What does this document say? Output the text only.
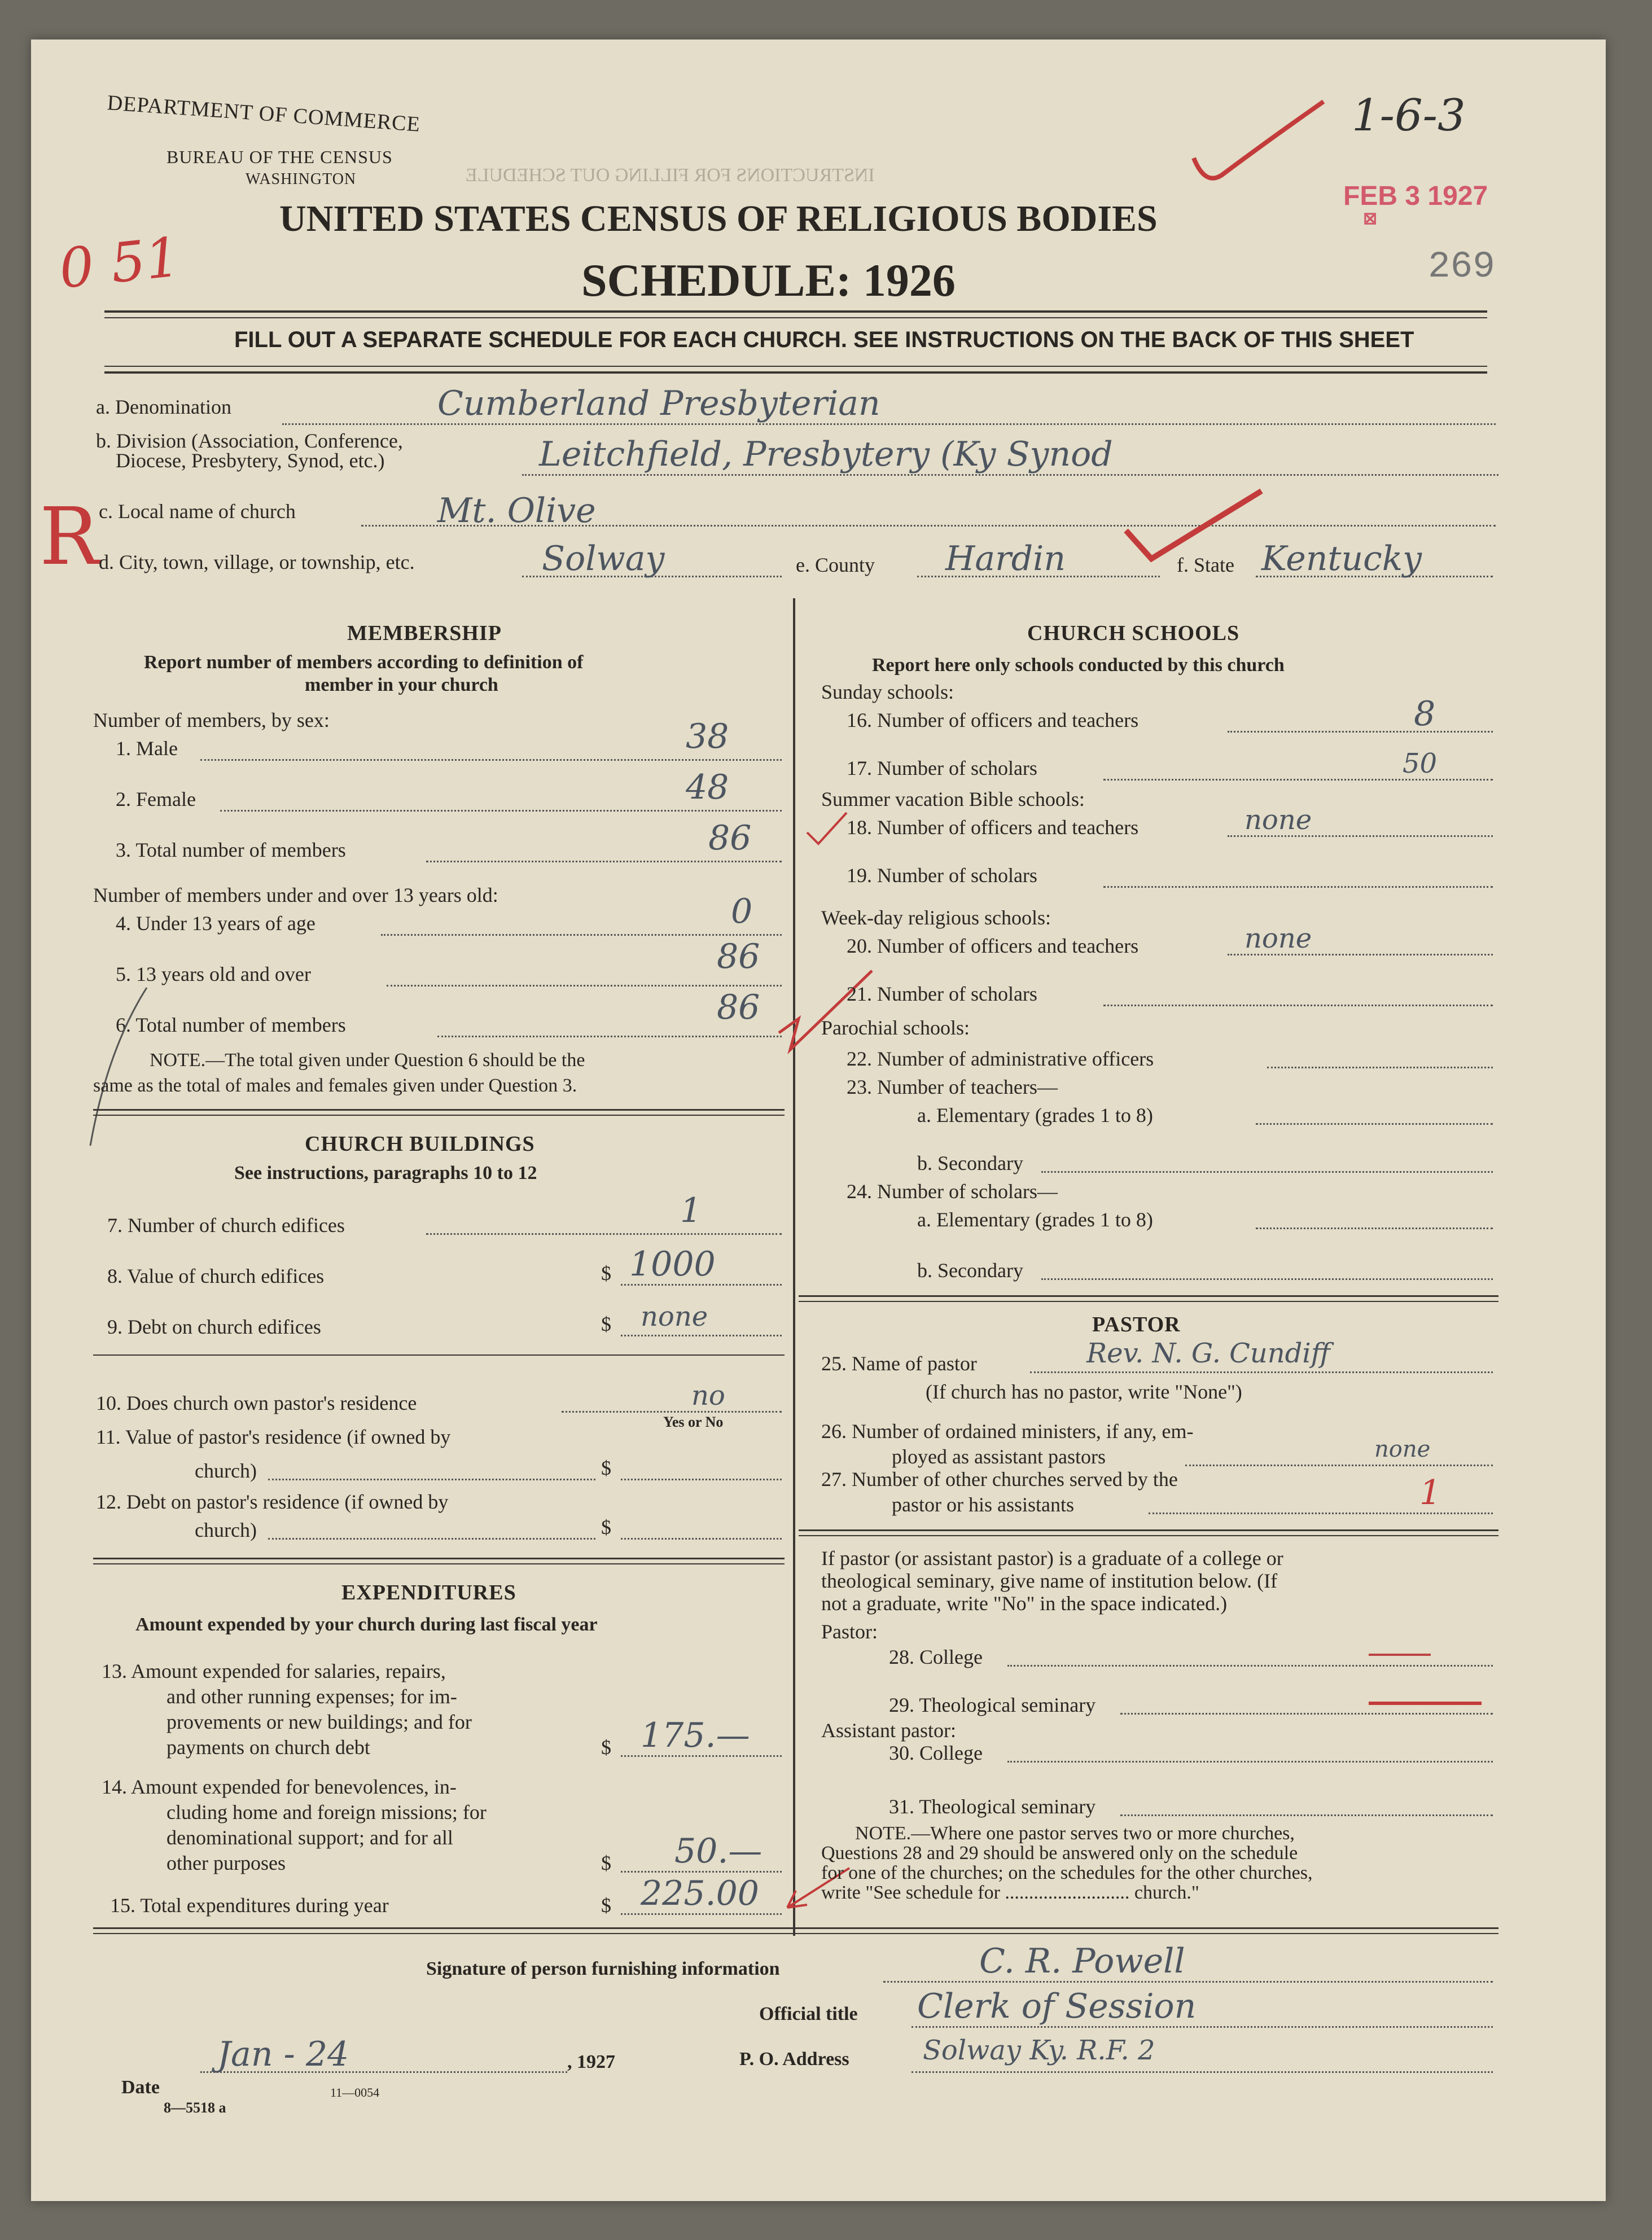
INSTRUCTIONS FOR FILLING OUT SCHEDULE
DEPARTMENT OF COMMERCE
BUREAU OF THE CENSUS
WASHINGTON
UNITED STATES CENSUS OF RELIGIOUS BODIES
SCHEDULE: 1926
FEB 3 1927
⊠
269
1-6-3
0 51
R
FILL OUT A SEPARATE SCHEDULE FOR EACH CHURCH. SEE INSTRUCTIONS ON THE BACK OF THIS SHEET
a. Denomination	Cumberland Presbyterian
b. Division (Association, Conference,
Diocese, Presbytery, Synod, etc.)	Leitchfield, Presbytery (Ky Synod
c. Local name of church	Mt. Olive
d. City, town, village, or township, etc.	Solway	e. County Hardin	f. State Kentucky
MEMBERSHIP
Report number of members according to definition of
member in your church
Number of members, by sex:
1. Male	38
2. Female	48
3. Total number of members	86
Number of members under and over 13 years old:
4. Under 13 years of age	0
5. 13 years old and over	86
6. Total number of members	86
NOTE.—The total given under Question 6 should be the
same as the total of males and females given under Question 3.
CHURCH BUILDINGS
See instructions, paragraphs 10 to 12
7. Number of church edifices	1
8. Value of church edifices	$ 1000
9. Debt on church edifices	$ none
10. Does church own pastor's residence	no
Yes or No
11. Value of pastor's residence (if owned by
church)	$
12. Debt on pastor's residence (if owned by
church)	$
EXPENDITURES
Amount expended by your church during last fiscal year
13. Amount expended for salaries, repairs,
and other running expenses; for im-
provements or new buildings; and for
payments on church debt	$ 175.—
14. Amount expended for benevolences, in-
cluding home and foreign missions; for
denominational support; and for all
other purposes	$ 50.—
15. Total expenditures during year	$ 225.00
CHURCH SCHOOLS
Report here only schools conducted by this church
Sunday schools:
16. Number of officers and teachers	8
17. Number of scholars	50
Summer vacation Bible schools:
18. Number of officers and teachers	none
19. Number of scholars
Week-day religious schools:
20. Number of officers and teachers	none
21. Number of scholars
Parochial schools:
22. Number of administrative officers
23. Number of teachers—
a. Elementary (grades 1 to 8)
b. Secondary
24. Number of scholars—
a. Elementary (grades 1 to 8)
b. Secondary
PASTOR
25. Name of pastor	Rev. N. G. Cundiff
(If church has no pastor, write "None")
26. Number of ordained ministers, if any, em-
ployed as assistant pastors	none
27. Number of other churches served by the
pastor or his assistants	1
If pastor (or assistant pastor) is a graduate of a college or
theological seminary, give name of institution below. (If
not a graduate, write "No" in the space indicated.)
Pastor:
28. College
29. Theological seminary
Assistant pastor:
30. College
31. Theological seminary
NOTE.—Where one pastor serves two or more churches,
Questions 28 and 29 should be answered only on the schedule
for one of the churches; on the schedules for the other churches,
write "See schedule for .......................... church."
Signature of person furnishing information	C. R. Powell
Official title Clerk of Session
P. O. Address	Solway Ky. R.F. 2
Date
Jan - 24	, 1927
8—5518 a
11—0054
